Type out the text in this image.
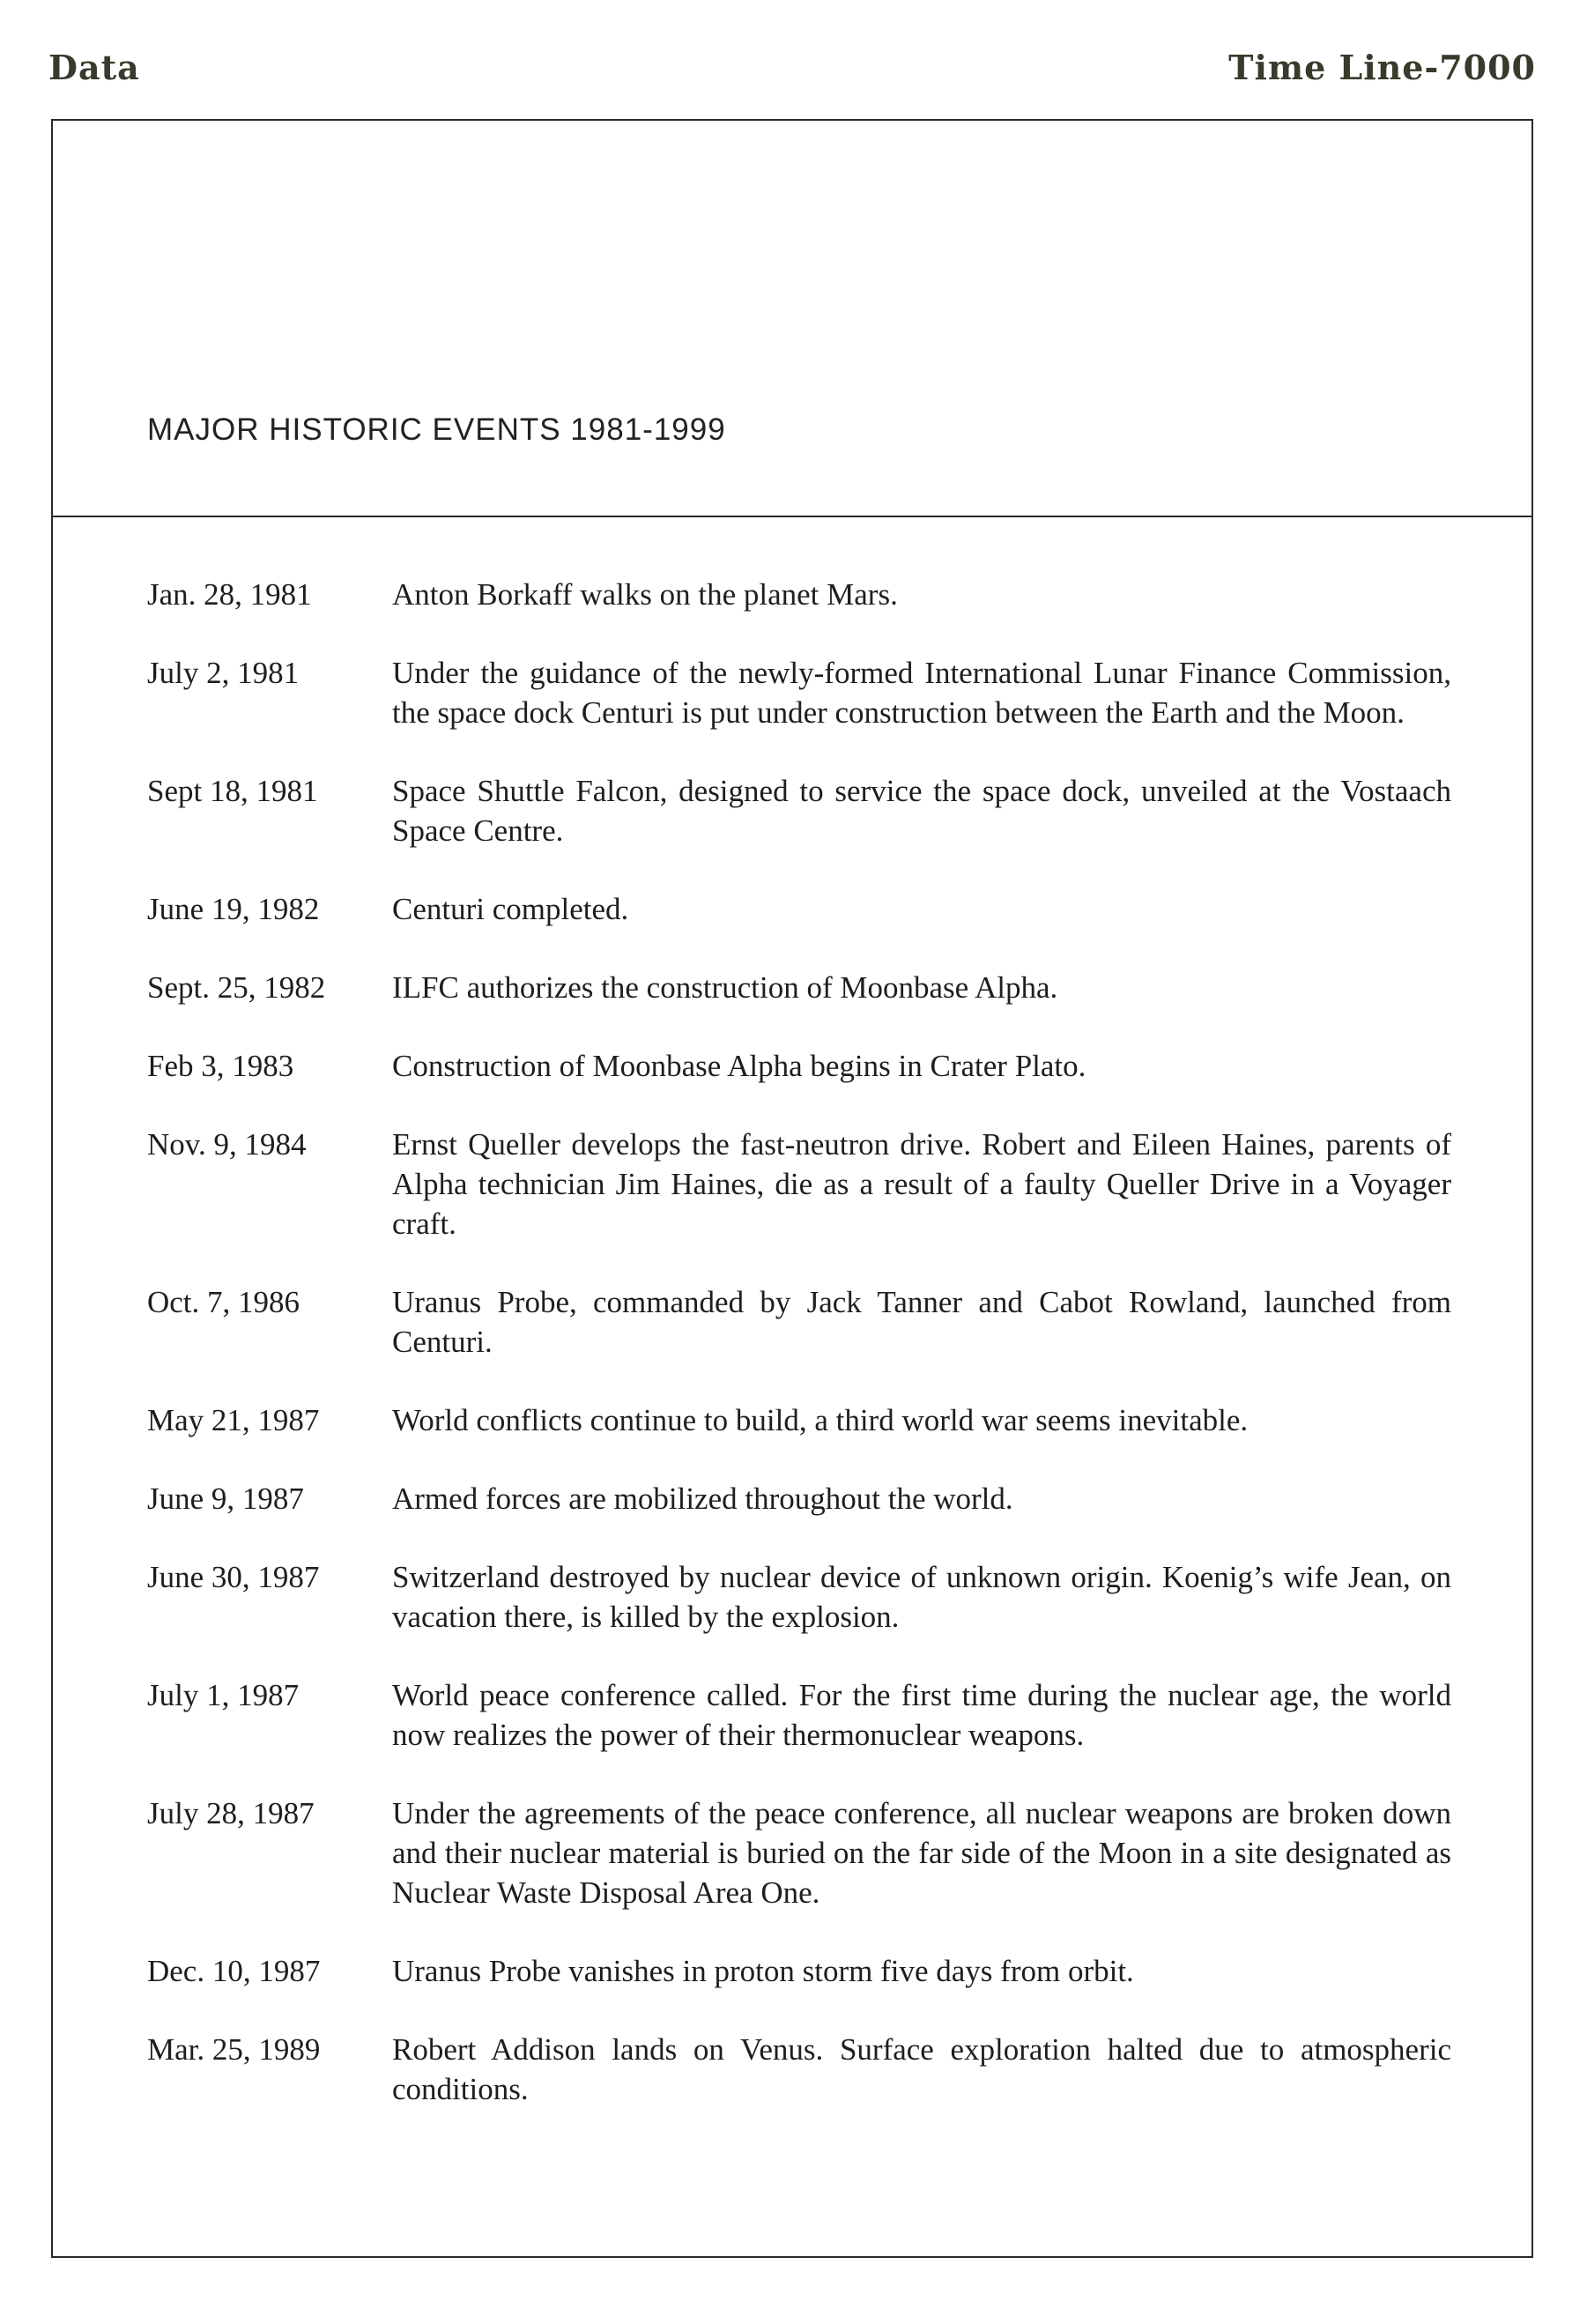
Data	Time Line-7000
MAJOR HISTORIC EVENTS 1981-1999
Jan. 28, 1981	Anton Borkaff walks on the planet Mars.
July 2, 1981	Under the guidance of the newly-formed International Lunar Finance Commission, the space dock Centuri is put under construction between the Earth and the Moon.
Sept 18, 1981	Space Shuttle Falcon, designed to service the space dock, unveiled at the Vostaach Space Centre.
June 19, 1982	Centuri completed.
Sept. 25, 1982	ILFC authorizes the construction of Moonbase Alpha.
Feb 3, 1983	Construction of Moonbase Alpha begins in Crater Plato.
Nov. 9, 1984	Ernst Queller develops the fast-neutron drive. Robert and Eileen Haines, parents of Alpha technician Jim Haines, die as a result of a faulty Queller Drive in a Voyager craft.
Oct. 7, 1986	Uranus Probe, commanded by Jack Tanner and Cabot Rowland, launched from Centuri.
May 21, 1987	World conflicts continue to build, a third world war seems inevitable.
June 9, 1987	Armed forces are mobilized throughout the world.
June 30, 1987	Switzerland destroyed by nuclear device of unknown origin. Koenig’s wife Jean, on vacation there, is killed by the explosion.
July 1, 1987	World peace conference called. For the first time during the nuclear age, the world now realizes the power of their thermonuclear weapons.
July 28, 1987	Under the agreements of the peace conference, all nuclear weapons are broken down and their nuclear material is buried on the far side of the Moon in a site designated as Nuclear Waste Disposal Area One.
Dec. 10, 1987	Uranus Probe vanishes in proton storm five days from orbit.
Mar. 25, 1989	Robert Addison lands on Venus. Surface exploration halted due to atmospheric conditions.
